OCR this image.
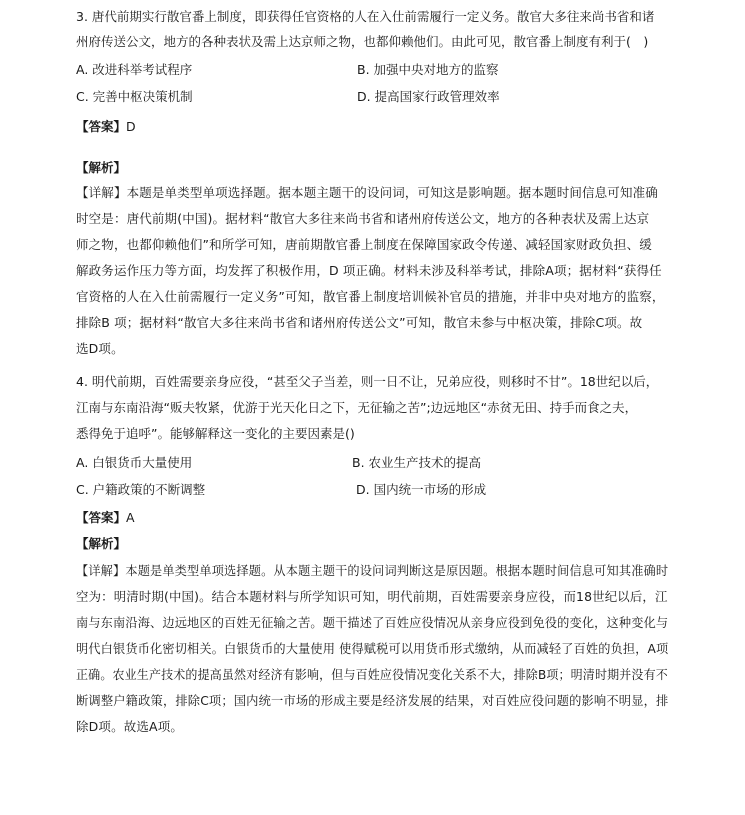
3. 唐代前期实行散官番上制度，即获得任官资格的人在入仕前需履行一定义务。散官大多往来尚书省和诸
州府传送公文，地方的各种表状及需上达京师之物，也都仰赖他们。由此可见，散官番上制度有利于(　)
A. 改进科举考试程序	B. 加强中央对地方的监察
C. 完善中枢决策机制	D. 提高国家行政管理效率
【答案】D
【解析】
【详解】本题是单类型单项选择题。据本题主题干的设问词，可知这是影响题。据本题时间信息可知准确
时空是：唐代前期(中国)。据材料“散官大多往来尚书省和诸州府传送公文，地方的各种表状及需上达京
师之物，也都仰赖他们”和所学可知，唐前期散官番上制度在保障国家政令传递、减轻国家财政负担、缓
解政务运作压力等方面，均发挥了积极作用，D 项正确。材料未涉及科举考试，排除A项；据材料“获得任
官资格的人在入仕前需履行一定义务”可知，散官番上制度培训候补官员的措施，并非中央对地方的监察，
排除B 项；据材料“散官大多往来尚书省和诸州府传送公文”可知，散官未参与中枢决策，排除C项。故
选D项。
4. 明代前期，百姓需要亲身应役，“甚至父子当差，则一日不让，兄弟应役，则移时不甘”。18世纪以后，
江南与东南沿海“贩夫牧紧，优游于光天化日之下，无征输之苦”;边远地区“赤贫无田、持手而食之夫，
悉得免于追呼”。能够解释这一变化的主要因素是()
A. 白银货币大量使用	B. 农业生产技术的提高
C. 户籍政策的不断调整	D. 国内统一市场的形成
【答案】A
【解析】
【详解】本题是单类型单项选择题。从本题主题干的设问词判断这是原因题。根据本题时间信息可知其准确时
空为：明清时期(中国)。结合本题材料与所学知识可知，明代前期，百姓需要亲身应役，而18世纪以后，江
南与东南沿海、边远地区的百姓无征输之苦。题干描述了百姓应役情况从亲身应役到免役的变化，这种变化与
明代白银货币化密切相关。白银货币的大量使用 使得赋税可以用货币形式缴纳，从而减轻了百姓的负担，A项
正确。农业生产技术的提高虽然对经济有影响，但与百姓应役情况变化关系不大，排除B项；明清时期并没有不
断调整户籍政策，排除C项；国内统一市场的形成主要是经济发展的结果，对百姓应役问题的影响不明显，排
除D项。故选A项。
